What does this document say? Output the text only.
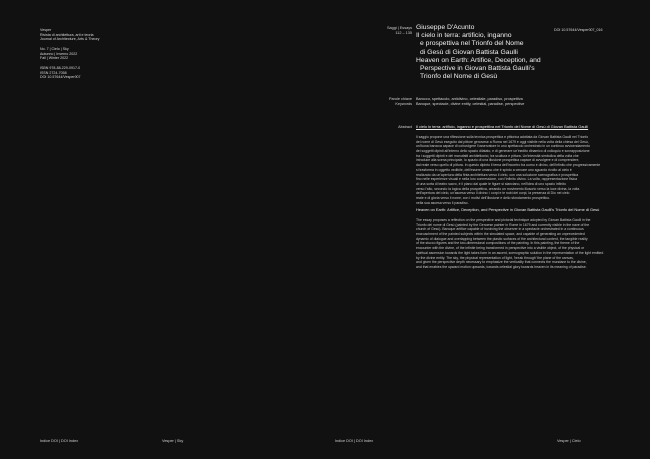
Vesper
Rivista di architettura, arti e teoria
Journal of Architecture, Arts & Theory
No. 7 | Cielo | Sky
Autunno | Inverno 2022
Fall | Winter 2022
ISBN 978-88-229-0917-0
ISSN 2724-7058
DOI 10.57644/Vesper007
Indice DOI | DOI Index	Vesper | Sky
Saggi | Essays
112 – 135
Giuseppe D'Acunto
Il cielo in terra: artificio, inganno
e prospettiva nel Trionfo del Nome
di Gesù di Giovan Battista Gaulli
Heaven on Earth: Artifice, Deception, and
Perspective in Giovan Battista Gaulli's
Trionfo del Nome di Gesù
DOI 10.57644/Vesper007_016
Parole chiave
Keywords
Barocco, spettacolo, antidivino, celestiale, paradiso, prospettiva
Baroque, spectacle, divine entity, celestial, paradise, perspective
Abstract Il cielo in terra: artificio, inganno e prospettiva nel Trionfo del Nome di Gesù di Giovan Battista Gaulli
Il saggio propone una riflessione sulla tecnica prospettica e pittorica adottata da Giovan Battista Gaulli nel Trionfo
del nome di Gesù eseguito dal pittore genovese a Roma nel 1679 e oggi visibile nella volta della chiesa del Gesù,
un'ikona barocca capace di coinvolgere l'osservatore in uno spettacolo orchestrato in un continuo avvicendamento
dei soggetti dipinti all'interno dello spazio dilatato, e di generare un'inedito dinamico di colloquio e sovrapposizione
tra i soggetti dipinti e dei manufatti architettonici, tra scultura e pittura. Un'intensità simbolica della volta che
introduce alla scena principale, lo spazio di una illusione prospettica capace di avvolgere e di comprendere,
dal reale verso quello di pittura. In questo dipinto il tema dell'incontro tra uomo e divino, dell'infinito che progressivamente
si trasforma in oggetto vedibile, dell'essere umano che è spinto a cercare uno sguardo rivolto al cielo è
realizzato da un'apertura della finta architettura verso il cielo, con una soluzione scenografica e prospettica
fino nelle esperienze visuali e nella loro connessione, con l'infinito divino. La volta, rappresentazione fisica
di una sorta di teatro sacro, è il piano dal quale le figure si slanciano, nell'idea di uno spazio infinito
verso l'alto, secondo la logica della prospettiva, creando un movimento illusorio verso la luce divina, la volta
dell'apertura del cielo, un'ascesa verso il divino: i corpi e le nubi dei corpi, la presenza di Dio nel cielo
reale e di gloria verso il nome, con i motivi dell'illusione e dello sfondamento prospettico.
nella sua ascesa verso il paradiso.
Heaven on Earth: Artifice, Deception, and Perspective in Giovan Battista Gaulli's Trionfo del Nome di Gesù
The essay proposes a reflection on the perspective and pictorial technique adopted by Giovan Battista Gaulli in the
Trionfo del nome di Gesù (painted by the Genoese painter in Rome in 1679 and currently visible in the nave of the
church of Gesù). Baroque artifice capable of involving the observer in a spectacle orchestrated in a continuous
encroachment of the painted subjects within the simulated space, and capable of generating an unprecedented
dynamic of dialogue and overlapping between the plastic surfaces of the architectural content, the tangible reality
of the stucco figures and the two-dimensional compositions of the painting. In this painting, the theme of the
encounter with the divine, of the infinite being transformed in perspective into a visible object, of the physical or
spiritual ascension towards the light takes form in an ascent, scenographic solution in the representation of the light emitted
by the divine entity. The sky, the physical representation of light, 'break through' the plane of the canvas,
and given the perspective depth necessary to emphasize the verticality that connects the mundane to the divine,
and that enables the upward motion upwards, towards celestial glory towards heaven in its meaning of paradise.
Indice DOI | DOI Index	Vesper | Cielo
